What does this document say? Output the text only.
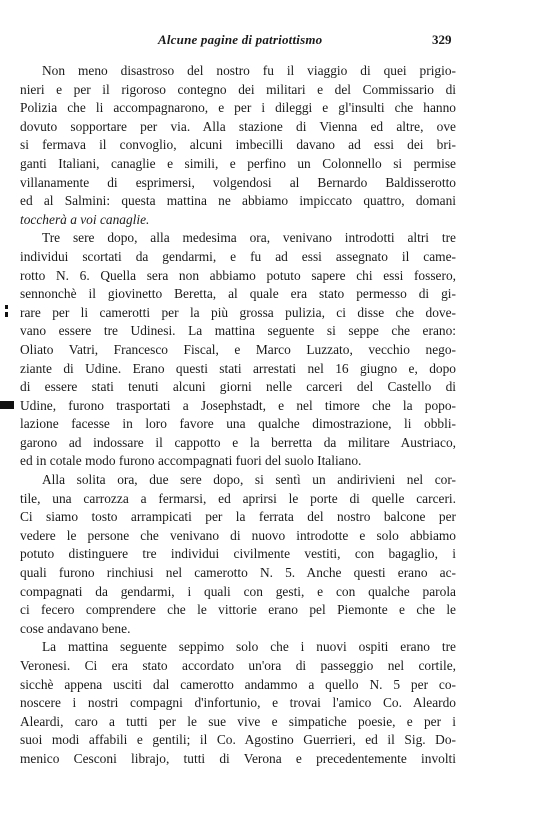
Alcune pagine di patriottismo	329
Non meno disastroso del nostro fu il viaggio di quei prigio-
nieri e per il rigoroso contegno dei militari e del Commissario di
Polizia che li accompagnarono, e per i dileggi e gl'insulti che hanno
dovuto sopportare per via. Alla stazione di Vienna ed altre, ove
si fermava il convoglio, alcuni imbecilli davano ad essi dei bri-
ganti Italiani, canaglie e simili, e perfino un Colonnello si permise
villanamente di esprimersi, volgendosi al Bernardo Baldisserotto
ed al Salmini: questa mattina ne abbiamo impiccato quattro, domani
toccherà a voi canaglie.
Tre sere dopo, alla medesima ora, venivano introdotti altri tre
individui scortati da gendarmi, e fu ad essi assegnato il came-
rotto N. 6. Quella sera non abbiamo potuto sapere chi essi fossero,
sennonchè il giovinetto Beretta, al quale era stato permesso di gi-
rare per li camerotti per la più grossa pulizia, ci disse che dove-
vano essere tre Udinesi. La mattina seguente si seppe che erano:
Oliato Vatri, Francesco Fiscal, e Marco Luzzato, vecchio nego-
ziante di Udine. Erano questi stati arrestati nel 16 giugno e, dopo
di essere stati tenuti alcuni giorni nelle carceri del Castello di
Udine, furono trasportati a Josephstadt, e nel timore che la popo-
lazione facesse in loro favore una qualche dimostrazione, li obbli-
garono ad indossare il cappotto e la berretta da militare Austriaco,
ed in cotale modo furono accompagnati fuori del suolo Italiano.
Alla solita ora, due sere dopo, si sentì un andirivieni nel cor-
tile, una carrozza a fermarsi, ed aprirsi le porte di quelle carceri.
Ci siamo tosto arrampicati per la ferrata del nostro balcone per
vedere le persone che venivano di nuovo introdotte e solo abbiamo
potuto distinguere tre individui civilmente vestiti, con bagaglio, i
quali furono rinchiusi nel camerotto N. 5. Anche questi erano ac-
compagnati da gendarmi, i quali con gesti, e con qualche parola
ci fecero comprendere che le vittorie erano pel Piemonte e che le
cose andavano bene.
La mattina seguente seppimo solo che i nuovi ospiti erano tre
Veronesi. Ci era stato accordato un'ora di passeggio nel cortile,
sicchè appena usciti dal camerotto andammo a quello N. 5 per co-
noscere i nostri compagni d'infortunio, e trovai l'amico Co. Aleardo
Aleardi, caro a tutti per le sue vive e simpatiche poesie, e per i
suoi modi affabili e gentili; il Co. Agostino Guerrieri, ed il Sig. Do-
menico Cesconi librajo, tutti di Verona e precedentemente involti
